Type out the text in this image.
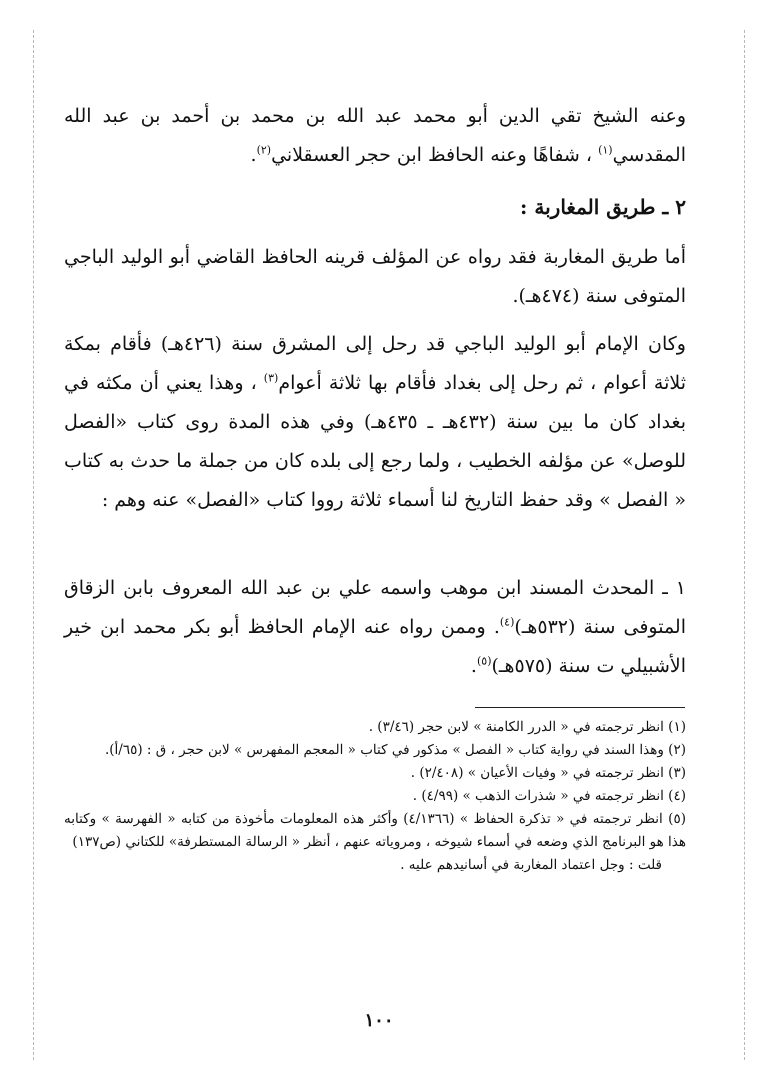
وعنه الشيخ تقي الدين أبو محمد عبد الله بن محمد بن أحمد بن عبد الله المقدسي$^{(١)}$ ، شفاهًا وعنه الحافظ ابن حجر العسقلاني$^{(٢)}$.

٢ ـ طريق المغاربة :

أما طريق المغاربة فقد رواه عن المؤلف قرينه الحافظ القاضي أبو الوليد الباجي المتوفى سنة (٤٧٤هـ).

وكان الإمام أبو الوليد الباجي قد رحل إلى المشرق سنة (٤٢٦هـ) فأقام بمكة ثلاثة أعوام ، ثم رحل إلى بغداد فأقام بها ثلاثة أعوام$^{(٣)}$ ، وهذا يعني أن مكثه في بغداد كان ما بين سنة (٤٣٢هـ ـ ٤٣٥هـ) وفي هذه المدة روى كتاب «الفصل للوصل» عن مؤلفه الخطيب ، ولما رجع إلى بلده كان من جملة ما حدث به كتاب « الفصل » وقد حفظ التاريخ لنا أسماء ثلاثة رووا كتاب «الفصل» عنه وهم :

١ ـ المحدث المسند ابن موهب واسمه علي بن عبد الله المعروف بابن الزقاق المتوفى سنة (٥٣٢هـ)$^{(٤)}$. وممن رواه عنه الإمام الحافظ أبو بكر محمد ابن خير الأشبيلي ت سنة (٥٧٥هـ)$^{(٥)}$.

(١) انظر ترجمته في « الدرر الكامنة » لابن حجر (٣/٤٦) .

(٢) وهذا السند في رواية كتاب « الفصل » مذكور في كتاب « المعجم المفهرس » لابن حجر ، ق : (٦٥/أ).

(٣) انظر ترجمته في « وفيات الأعيان » (٢/٤٠٨) .

(٤) انظر ترجمته في « شذرات الذهب » (٤/٩٩) .

(٥) انظر ترجمته في « تذكرة الحفاظ » (٤/١٣٦٦) وأكثر هذه المعلومات مأخوذة من كتابه « الفهرسة » وكتابه هذا هو البرنامج الذي وضعه في أسماء شيوخه ، ومروياته عنهم ، أنظر « الرسالة المستطرفة» للكتاني (ص١٣٧)

قلت : وجل اعتماد المغاربة في أسانيدهم عليه .

١٠٠
